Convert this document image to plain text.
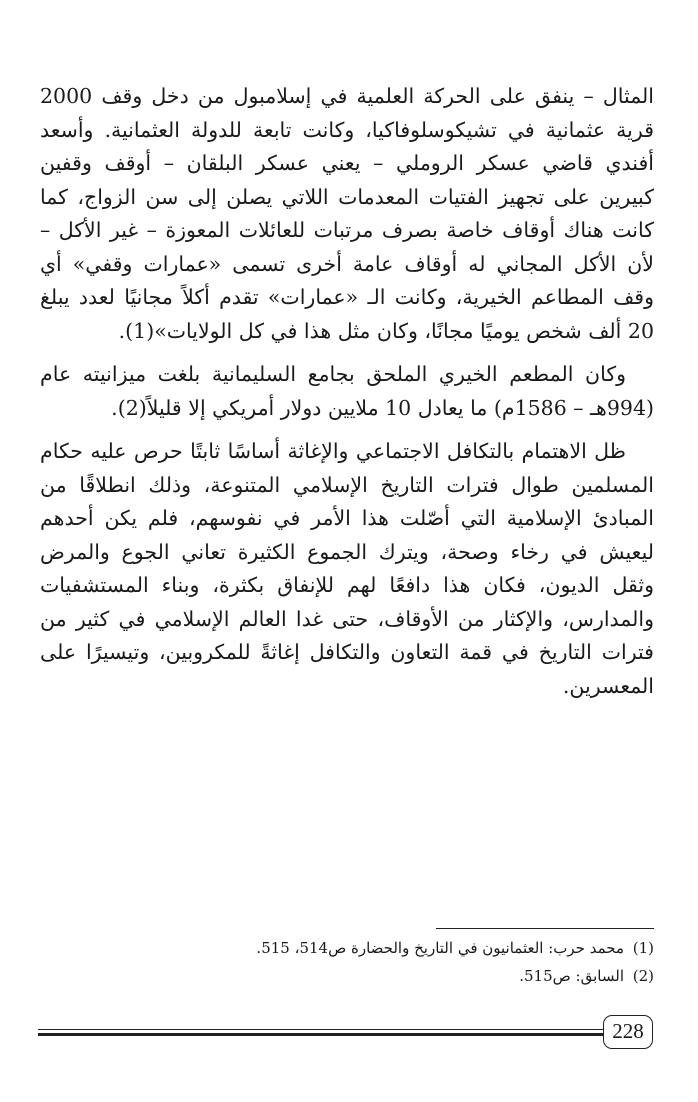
المثال – ينفق على الحركة العلمية في إسلامبول من دخل وقف 2000 قرية عثمانية في تشيكوسلوفاكيا، وكانت تابعة للدولة العثمانية. وأسعد أفندي قاضي عسكر الروملي – يعني عسكر البلقان – أوقف وقفين كبيرين على تجهيز الفتيات المعدمات اللاتي يصلن إلى سن الزواج، كما كانت هناك أوقاف خاصة بصرف مرتبات للعائلات المعوزة – غير الأكل – لأن الأكل المجاني له أوقاف عامة أخرى تسمى «عمارات وقفي» أي وقف المطاعم الخيرية، وكانت الـ «عمارات» تقدم أكلاً مجانيًا لعدد يبلغ 20 ألف شخص يوميًا مجانًا، وكان مثل هذا في كل الولايات»(1).

وكان المطعم الخيري الملحق بجامع السليمانية بلغت ميزانيته عام (994هـ – 1586م) ما يعادل 10 ملايين دولار أمريكي إلا قليلاً(2).

ظل الاهتمام بالتكافل الاجتماعي والإغاثة أساسًا ثابتًا حرص عليه حكام المسلمين طوال فترات التاريخ الإسلامي المتنوعة، وذلك انطلاقًا من المبادئ الإسلامية التي أصّلت هذا الأمر في نفوسهم، فلم يكن أحدهم ليعيش في رخاء وصحة، ويترك الجموع الكثيرة تعاني الجوع والمرض وثقل الديون، فكان هذا دافعًا لهم للإنفاق بكثرة، وبناء المستشفيات والمدارس، والإكثار من الأوقاف، حتى غدا العالم الإسلامي في كثير من فترات التاريخ في قمة التعاون والتكافل إغاثةً للمكروبين، وتيسيرًا على المعسرين.

(1)محمد حرب: العثمانيون في التاريخ والحضارة ص514، 515.
(2)السابق: ص515.
228
